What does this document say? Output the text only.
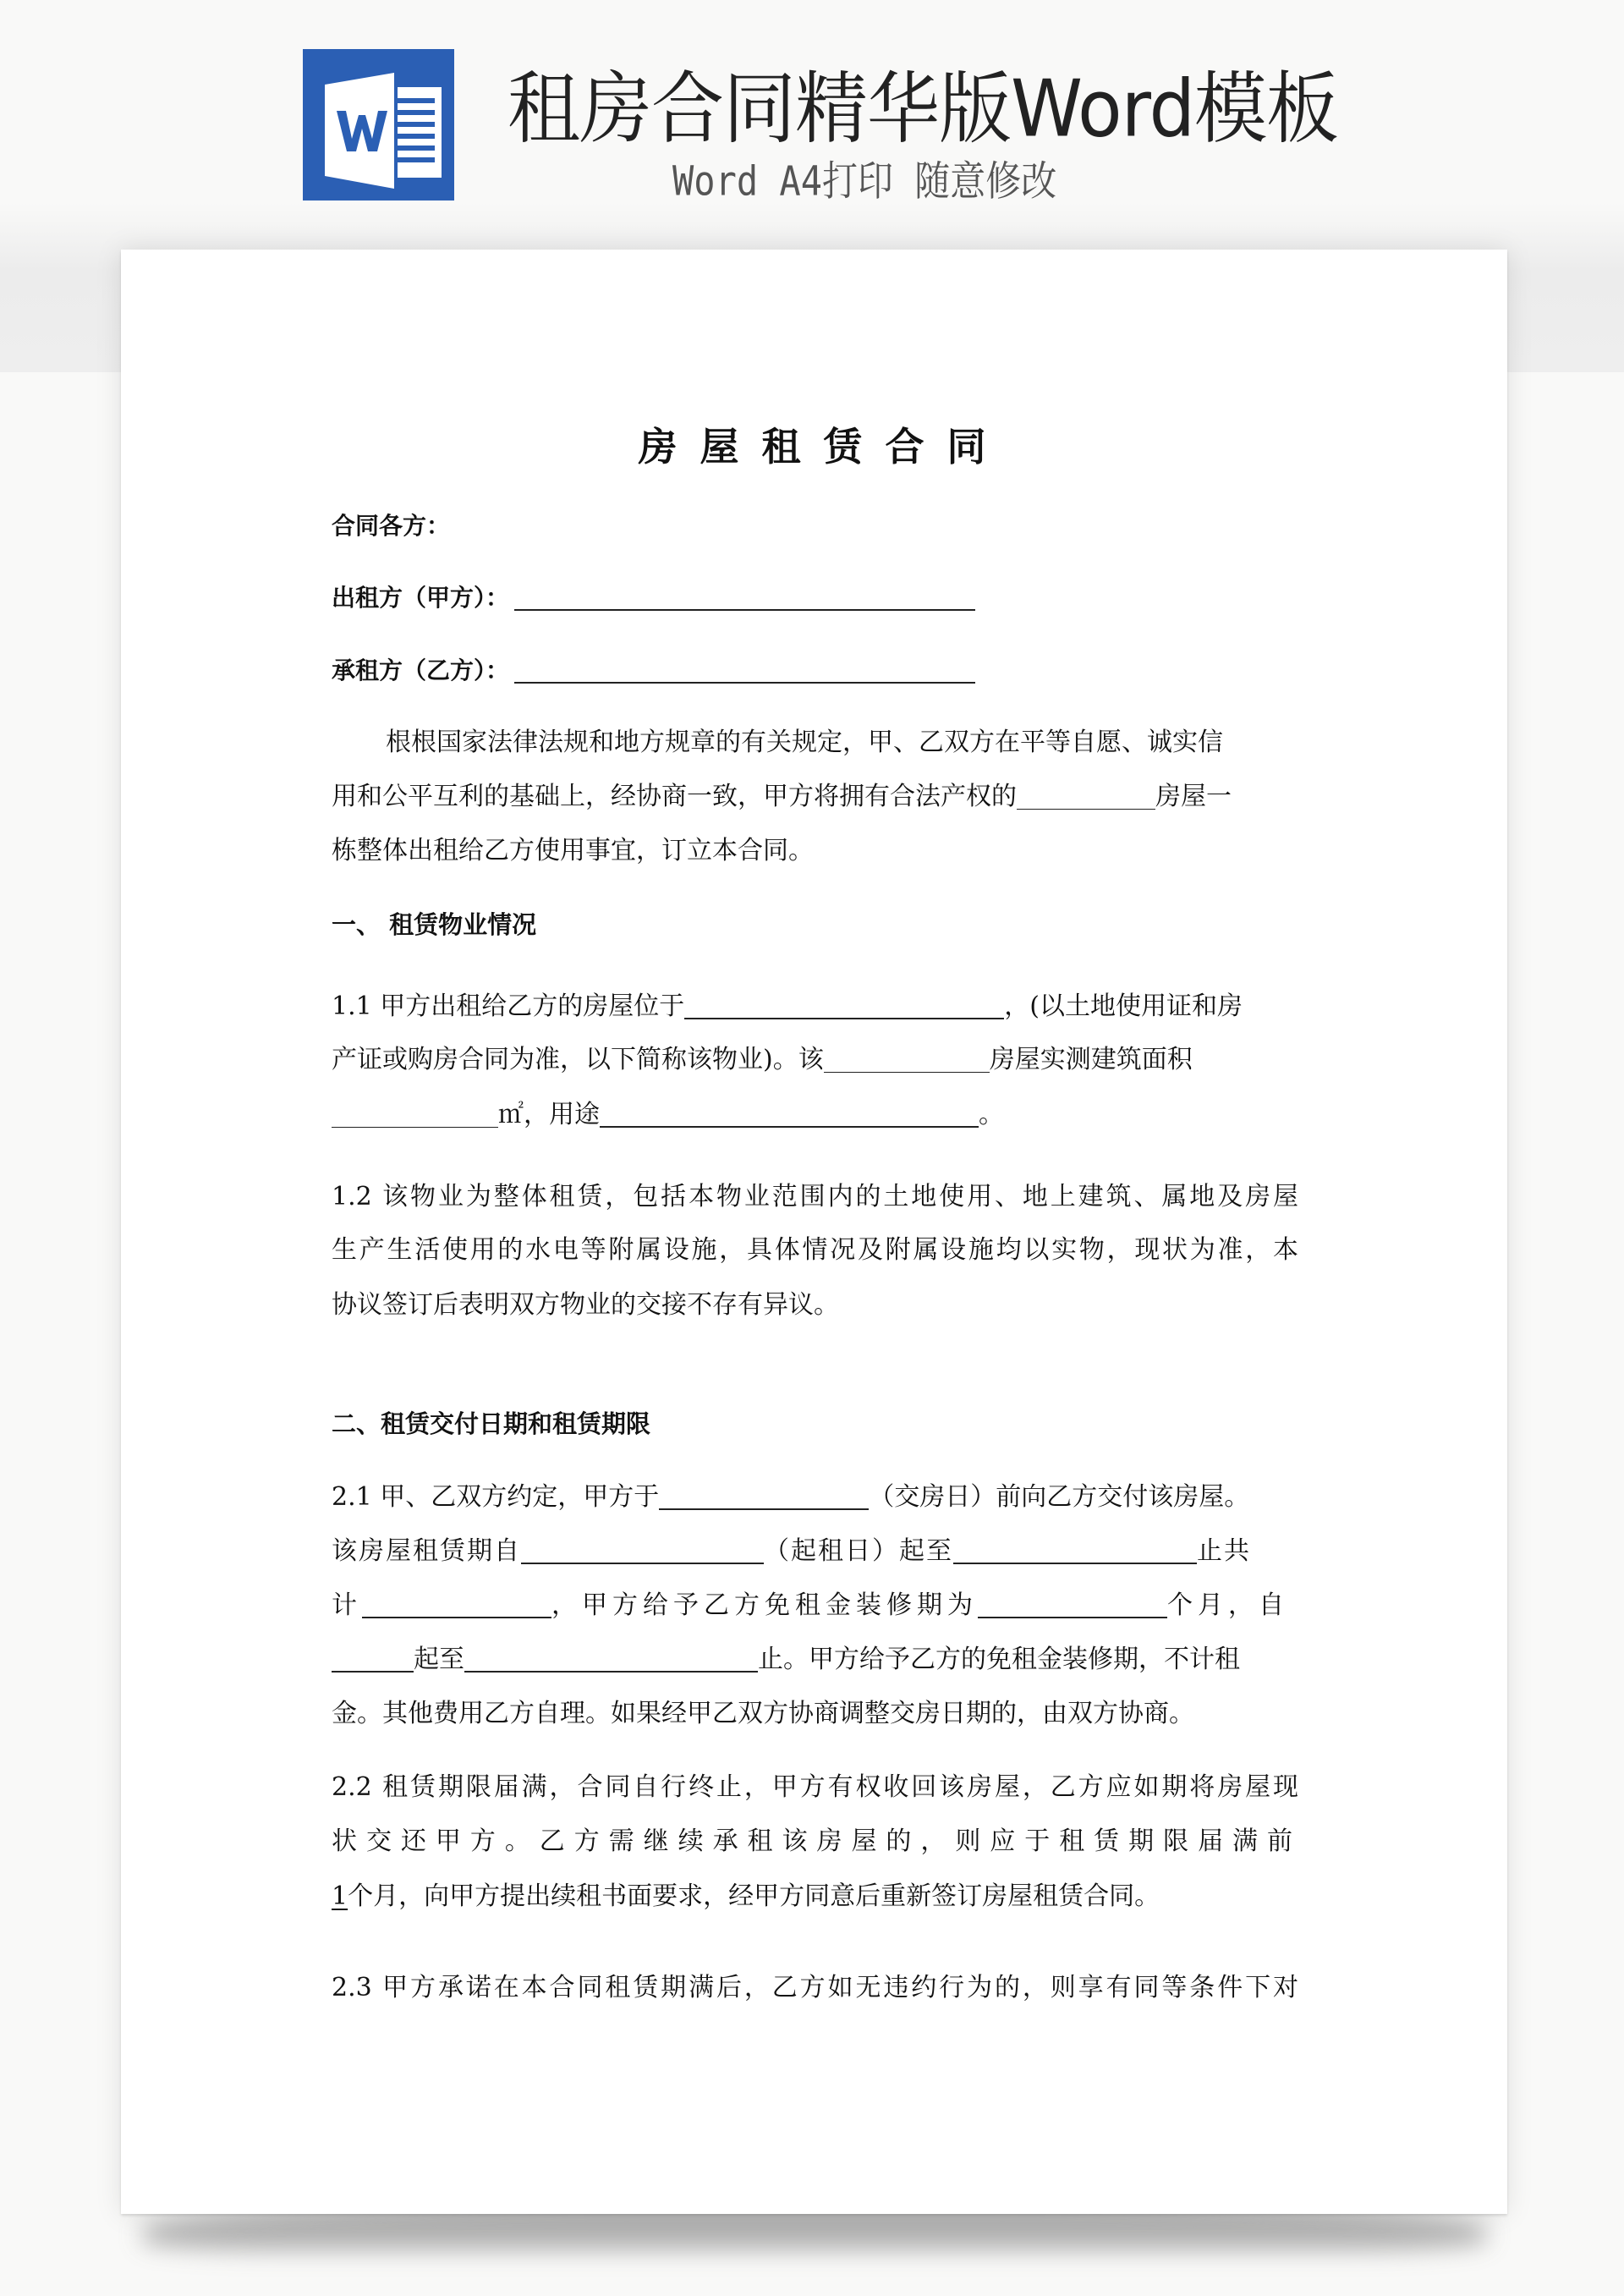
租房合同精华版Word模板
Word A4打印 随意修改
房屋租赁合同
合同各方：
出租方（甲方）：
承租方（乙方）：
根根国家法律法规和地方规章的有关规定，甲、乙双方在平等自愿、诚实信
用和公平互利的基础上，经协商一致，甲方将拥有合法产权的	房屋一
栋整体出租给乙方使用事宜，订立本合同。
一、 租赁物业情况
1.1 甲方出租给乙方的房屋位于	，(以土地使用证和房
产证或购房合同为准，以下简称该物业)。该	房屋实测建筑面积
㎡，用途	。
1.2 该物业为整体租赁，包括本物业范围内的土地使用、地上建筑、属地及房屋
生产生活使用的水电等附属设施，具体情况及附属设施均以实物，现状为准，本
协议签订后表明双方物业的交接不存有异议。
二、租赁交付日期和租赁期限
2.1 甲、乙双方约定，甲方于	（交房日）前向乙方交付该房屋。
该房屋租赁期自	（起租日）起至	止共
计	，甲方给予乙方免租金装修期为	个月，自
起至	止。甲方给予乙方的免租金装修期，不计租
金。其他费用乙方自理。如果经甲乙双方协商调整交房日期的，由双方协商。
2.2 租赁期限届满，合同自行终止，甲方有权收回该房屋，乙方应如期将房屋现
状交还甲方。乙方需继续承租该房屋的，则应于租赁期限届满前
1个月，向甲方提出续租书面要求，经甲方同意后重新签订房屋租赁合同。
2.3 甲方承诺在本合同租赁期满后，乙方如无违约行为的，则享有同等条件下对
